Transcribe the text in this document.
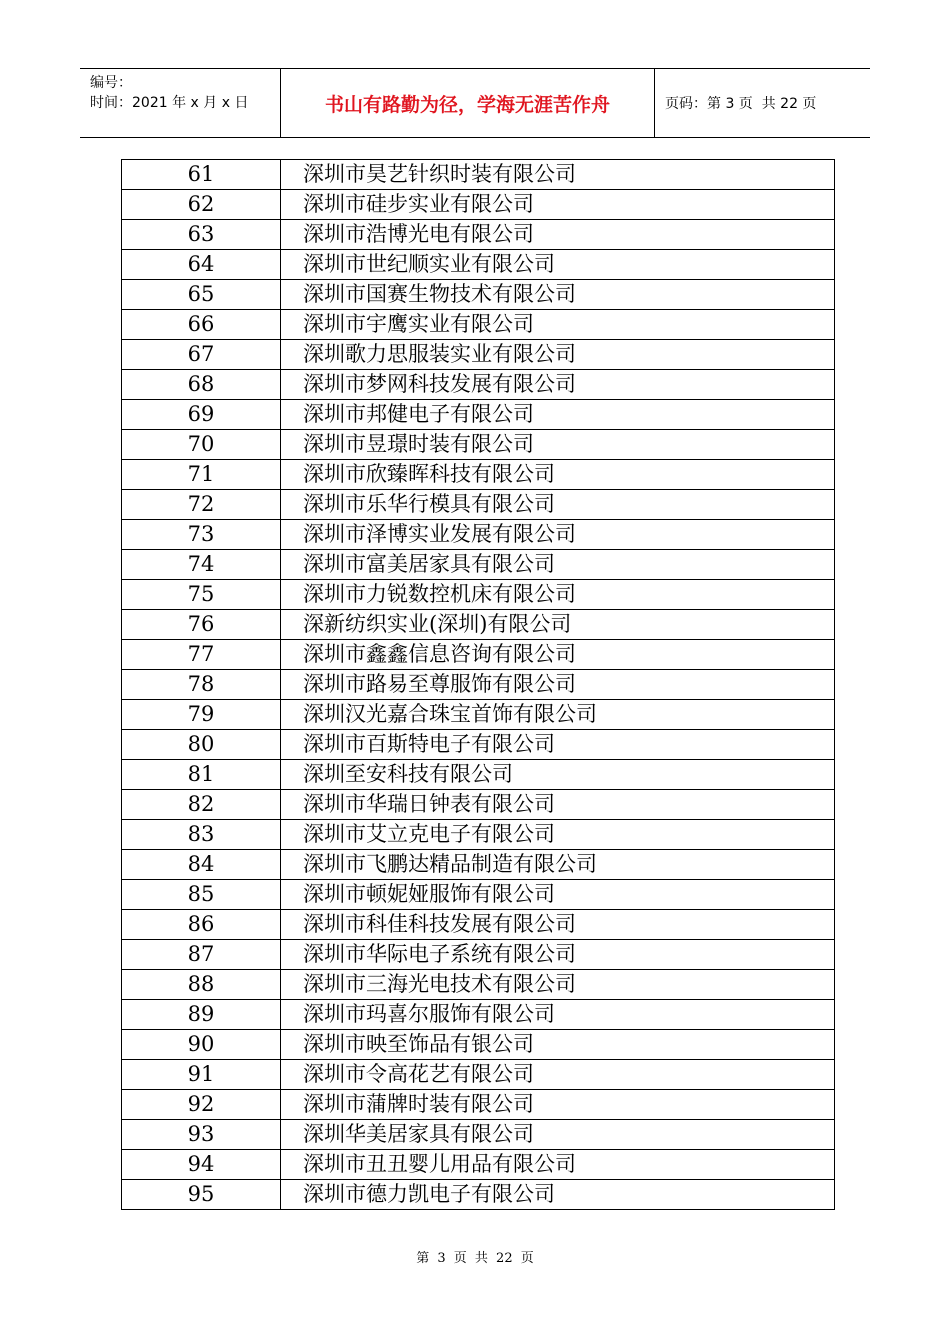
编号：
时间：2021 年 x 月 x 日	书山有路勤为径，学海无涯苦作舟	页码：第 3 页  共 22 页
61	深圳市昊艺针织时装有限公司
62	深圳市硅步实业有限公司
63	深圳市浩博光电有限公司
64	深圳市世纪顺实业有限公司
65	深圳市国赛生物技术有限公司
66	深圳市宇鹰实业有限公司
67	深圳歌力思服装实业有限公司
68	深圳市梦网科技发展有限公司
69	深圳市邦健电子有限公司
70	深圳市昱璟时装有限公司
71	深圳市欣臻晖科技有限公司
72	深圳市乐华行模具有限公司
73	深圳市泽博实业发展有限公司
74	深圳市富美居家具有限公司
75	深圳市力锐数控机床有限公司
76	深新纺织实业(深圳)有限公司
77	深圳市鑫鑫信息咨询有限公司
78	深圳市路易至尊服饰有限公司
79	深圳汉光嘉合珠宝首饰有限公司
80	深圳市百斯特电子有限公司
81	深圳至安科技有限公司
82	深圳市华瑞日钟表有限公司
83	深圳市艾立克电子有限公司
84	深圳市飞鹏达精品制造有限公司
85	深圳市顿妮娅服饰有限公司
86	深圳市科佳科技发展有限公司
87	深圳市华际电子系统有限公司
88	深圳市三海光电技术有限公司
89	深圳市玛喜尔服饰有限公司
90	深圳市映至饰品有银公司
91	深圳市令高花艺有限公司
92	深圳市蒲牌时装有限公司
93	深圳华美居家具有限公司
94	深圳市丑丑婴儿用品有限公司
95	深圳市德力凯电子有限公司
第 3 页 共 22 页
